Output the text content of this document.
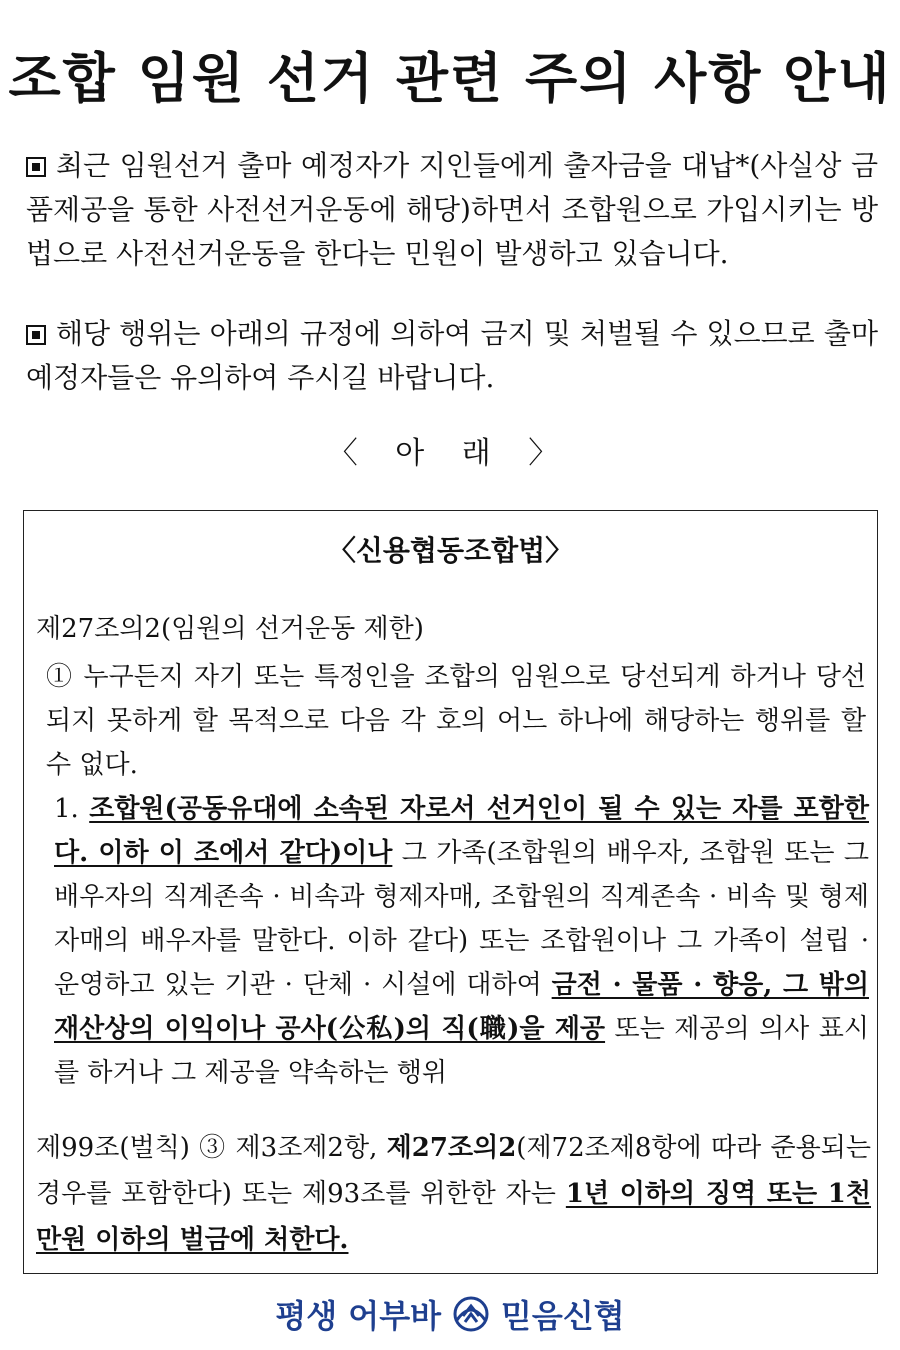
조합 임원 선거 관련 주의 사항 안내
최근 임원선거 출마 예정자가 지인들에게 출자금을 대납*(사실상 금품제공을 통한 사전선거운동에 해당)하면서 조합원으로 가입시키는 방법으로 사전선거운동을 한다는 민원이 발생하고 있습니다.
해당 행위는 아래의 규정에 의하여 금지 및 처벌될 수 있으므로 출마 예정자들은 유의하여 주시길 바랍니다.
〈 아 래 〉
〈신용협동조합법〉
제27조의2(임원의 선거운동 제한)
① 누구든지 자기 또는 특정인을 조합의 임원으로 당선되게 하거나 당선되지 못하게 할 목적으로 다음 각 호의 어느 하나에 해당하는 행위를 할 수 없다.
1. 조합원(공동유대에 소속된 자로서 선거인이 될 수 있는 자를 포함한다. 이하 이 조에서 같다)이나 그 가족(조합원의 배우자, 조합원 또는 그 배우자의 직계존속 · 비속과 형제자매, 조합원의 직계존속 · 비속 및 형제자매의 배우자를 말한다. 이하 같다) 또는 조합원이나 그 가족이 설립 · 운영하고 있는 기관 · 단체 · 시설에 대하여 금전 · 물품 · 향응, 그 밖의 재산상의 이익이나 공사(公私)의 직(職)을 제공 또는 제공의 의사 표시를 하거나 그 제공을 약속하는 행위
제99조(벌칙) ③ 제3조제2항, 제27조의2(제72조제8항에 따라 준용되는 경우를 포함한다) 또는 제93조를 위한한 자는 1년 이하의 징역 또는 1천만원 이하의 벌금에 처한다.
평생 어부바 믿음신협
